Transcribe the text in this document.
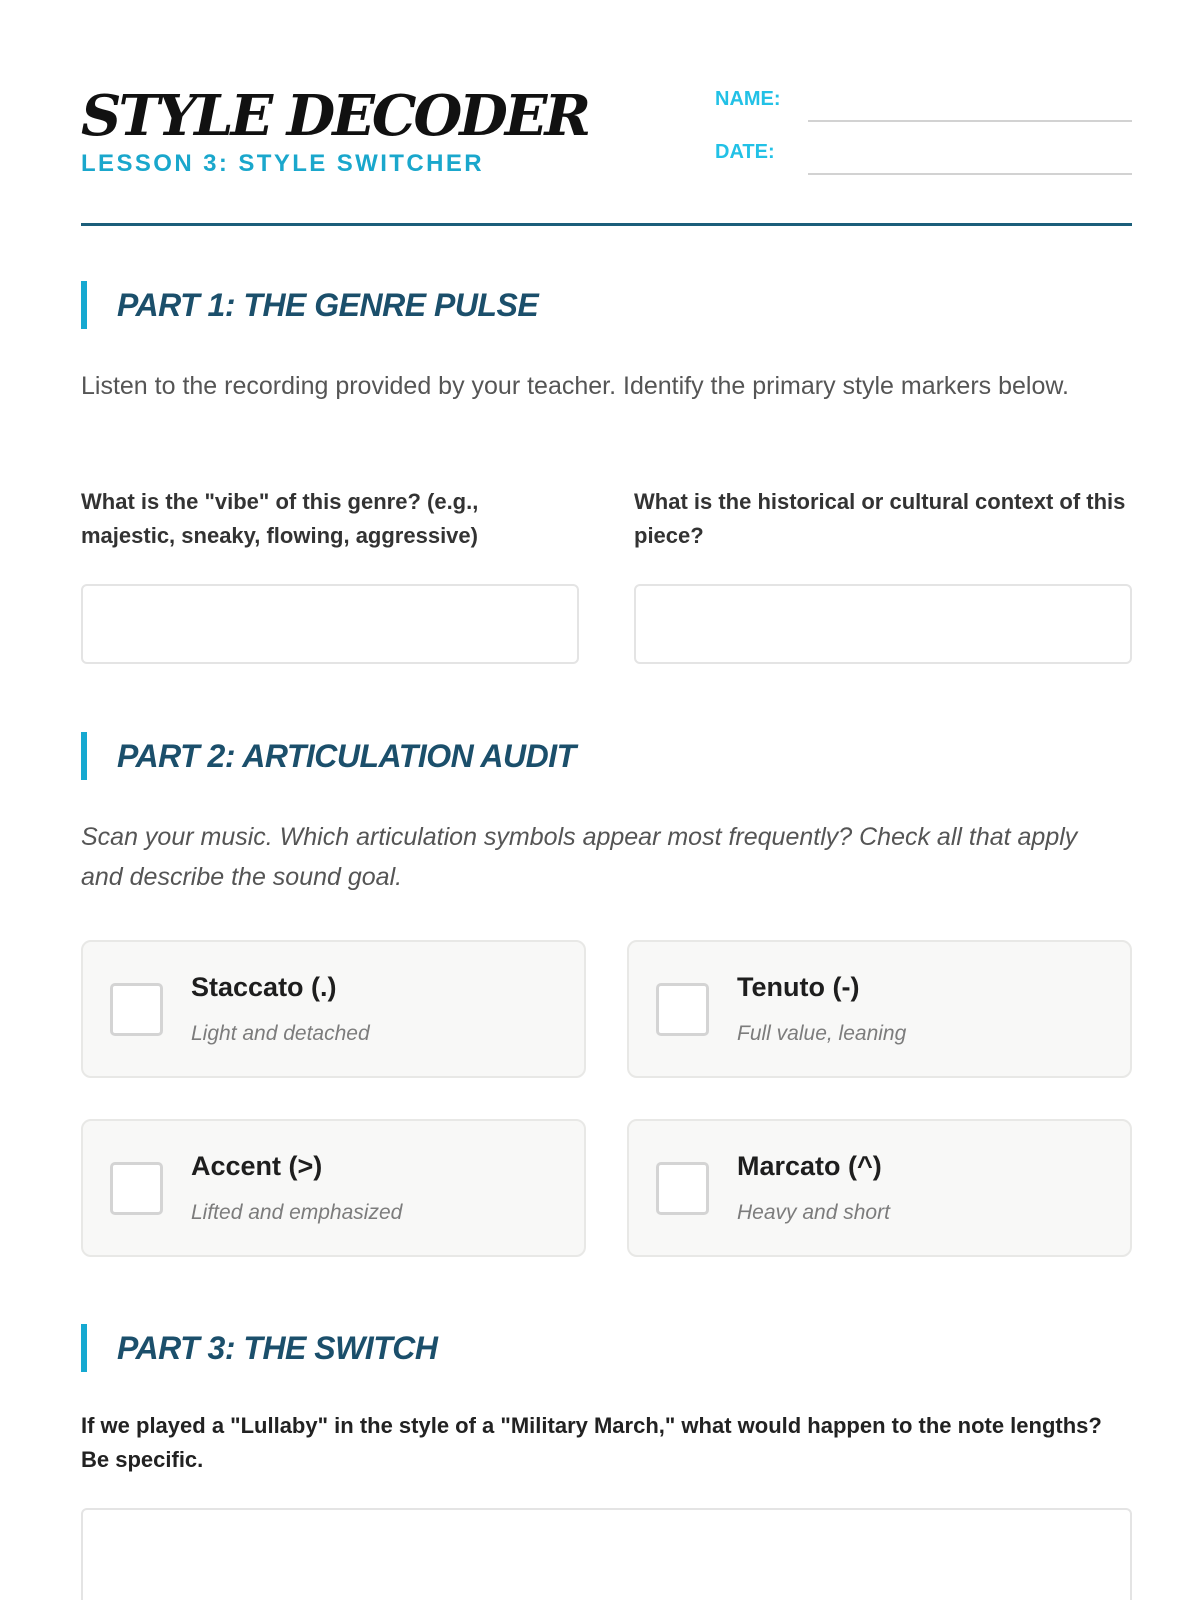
STYLE DECODER
LESSON 3: STYLE SWITCHER
NAME:
DATE:
PART 1: THE GENRE PULSE
Listen to the recording provided by your teacher. Identify the primary style markers below.
What is the "vibe" of this genre? (e.g., majestic, sneaky, flowing, aggressive)
What is the historical or cultural context of this piece?
PART 2: ARTICULATION AUDIT
Scan your music. Which articulation symbols appear most frequently? Check all that apply and describe the sound goal.
Staccato (.)
Light and detached
Tenuto (-)
Full value, leaning
Accent (>)
Lifted and emphasized
Marcato (^)
Heavy and short
PART 3: THE SWITCH
If we played a "Lullaby" in the style of a "Military March," what would happen to the note lengths? Be specific.
